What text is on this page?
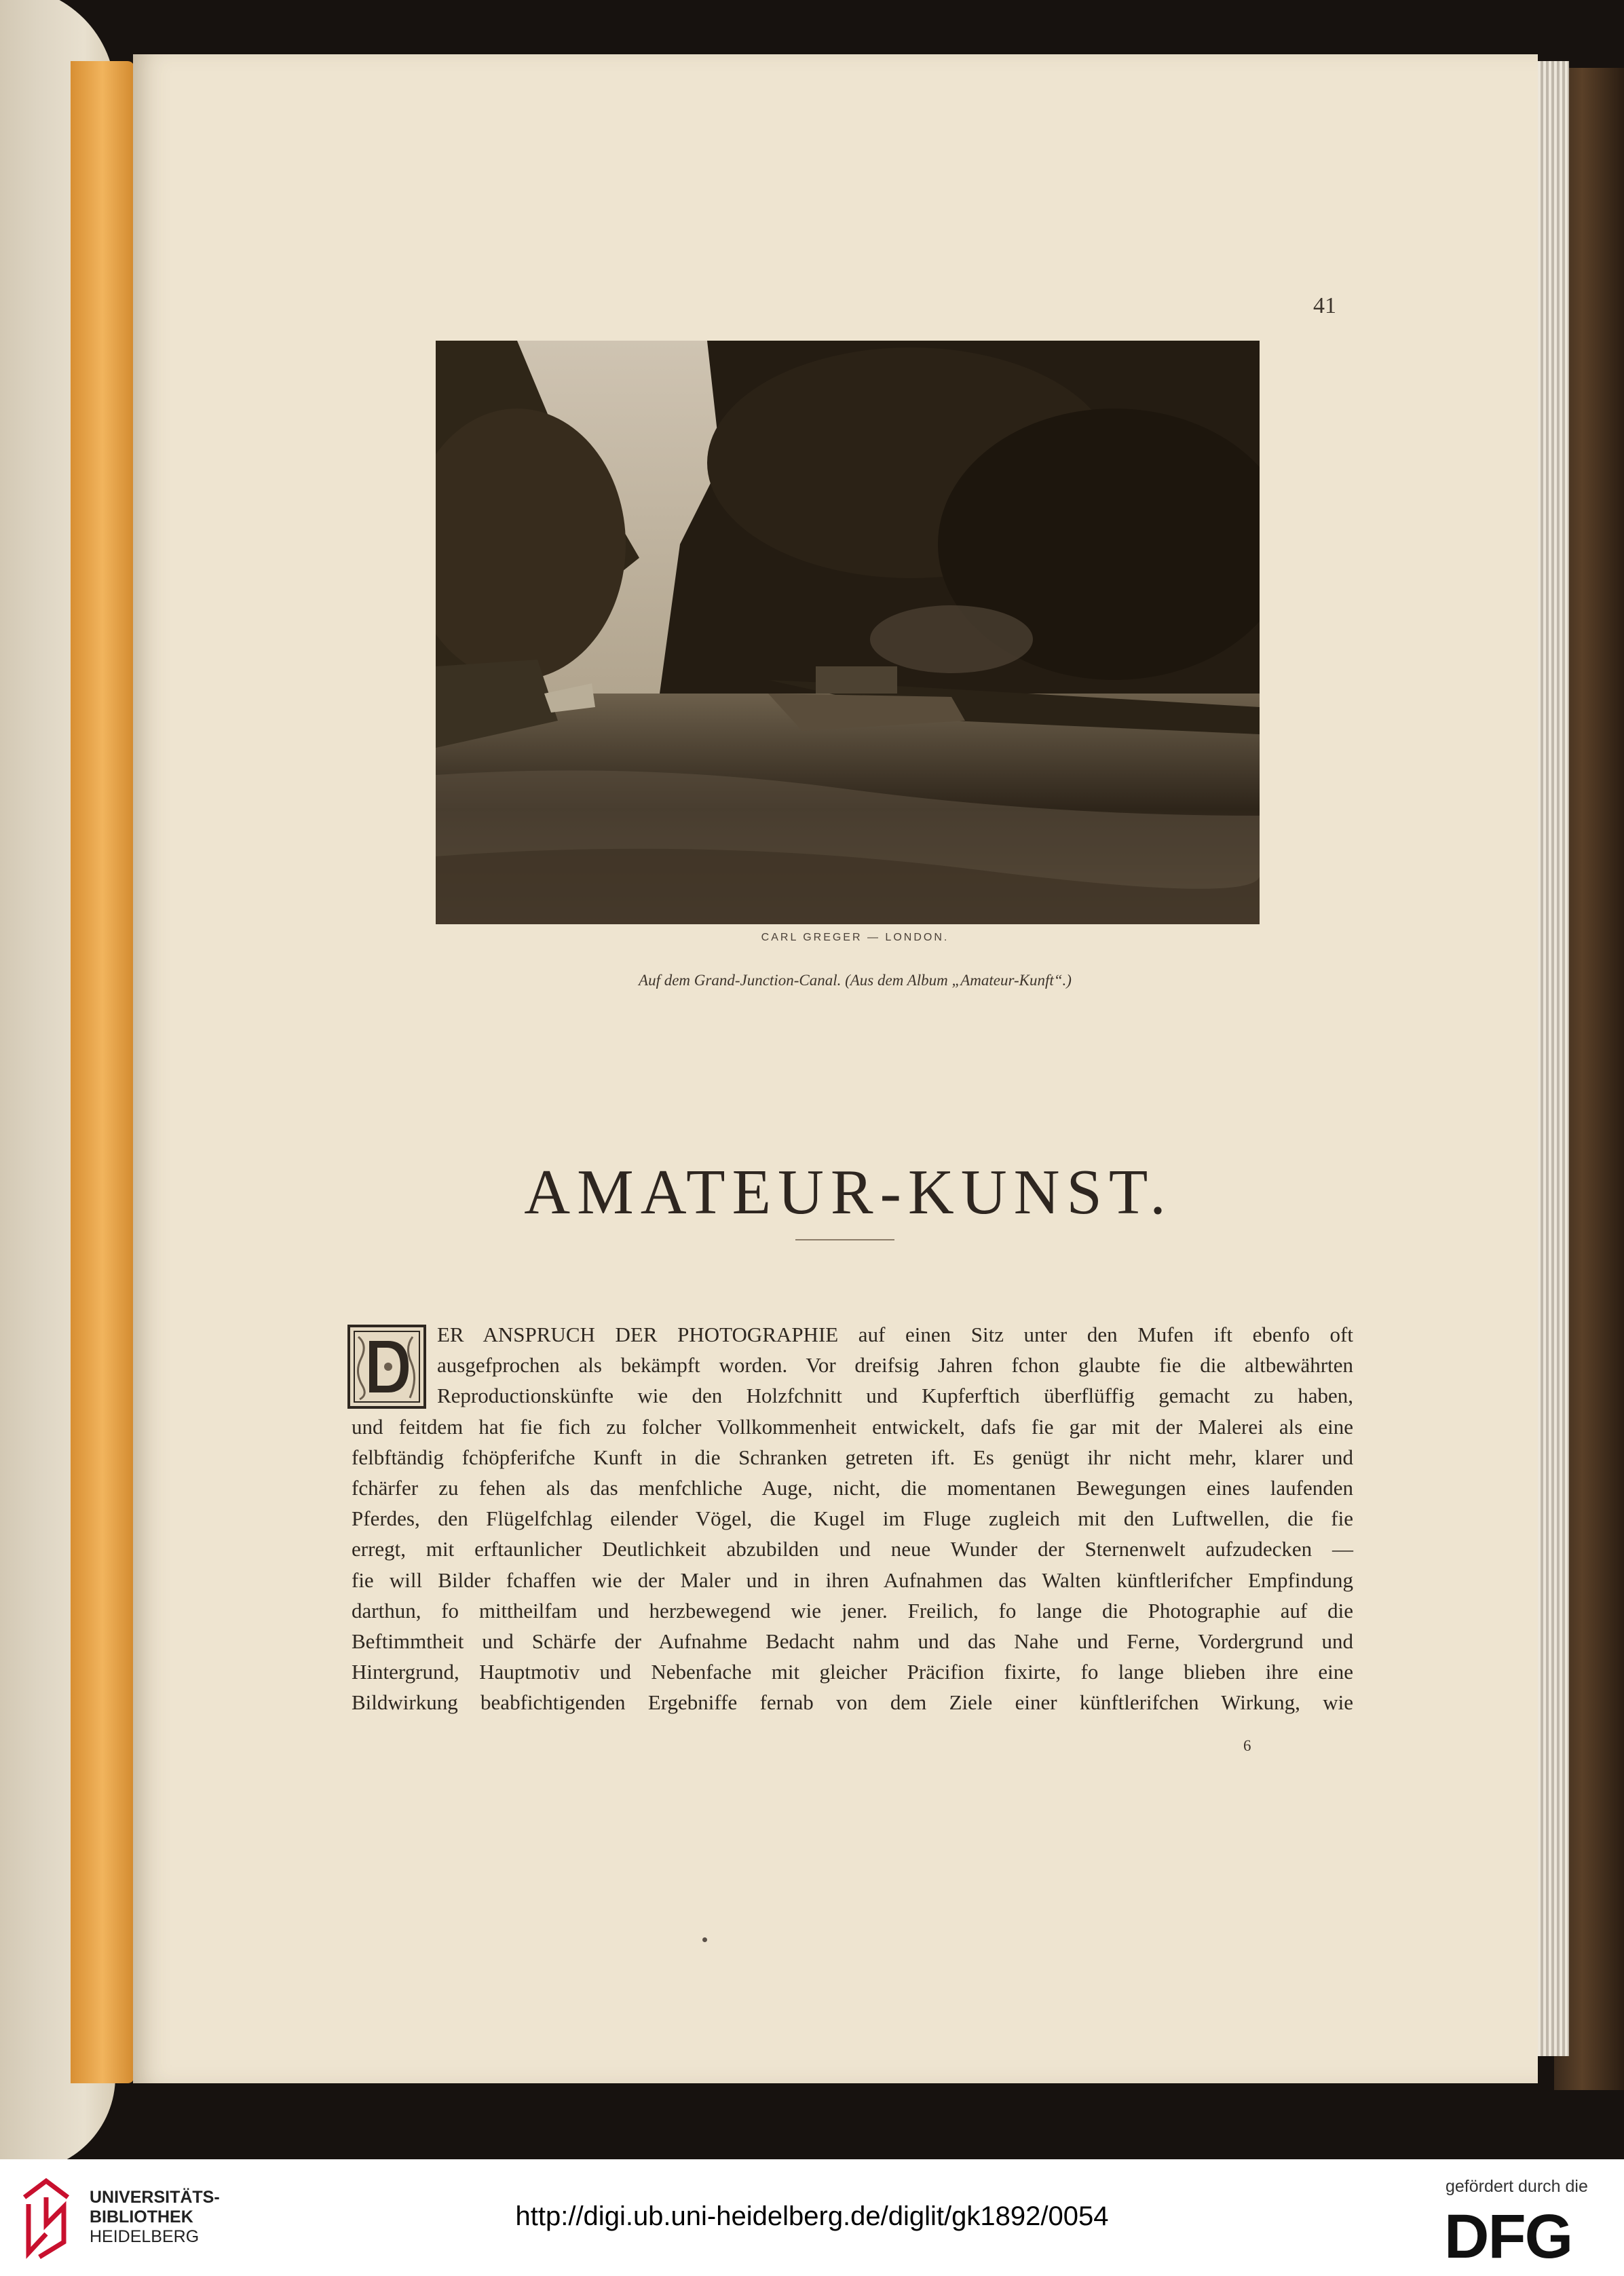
41
CARL GREGER — LONDON.
Auf dem Grand-Junction-Canal. (Aus dem Album „Amateur-Kunft“.)
AMATEUR-KUNST.
ER ANSPRUCH DER PHOTOGRAPHIE auf einen Sitz unter den Mufen ift ebenfo oft
ausgefprochen als bekämpft worden. Vor dreifsig Jahren fchon glaubte fie die altbewährten
Reproductionskünfte wie den Holzfchnitt und Kupferftich überflüffig gemacht zu haben,
und feitdem hat fie fich zu folcher Vollkommenheit entwickelt, dafs fie gar mit der Malerei als eine
felbftändig fchöpferifche Kunft in die Schranken getreten ift. Es genügt ihr nicht mehr, klarer und
fchärfer zu fehen als das menfchliche Auge, nicht, die momentanen Bewegungen eines laufenden
Pferdes, den Flügelfchlag eilender Vögel, die Kugel im Fluge zugleich mit den Luftwellen, die fie
erregt, mit erftaunlicher Deutlichkeit abzubilden und neue Wunder der Sternenwelt aufzudecken —
fie will Bilder fchaffen wie der Maler und in ihren Aufnahmen das Walten künftlerifcher Empfindung
darthun, fo mittheilfam und herzbewegend wie jener. Freilich, fo lange die Photographie auf die
Beftimmtheit und Schärfe der Aufnahme Bedacht nahm und das Nahe und Ferne, Vordergrund und
Hintergrund, Hauptmotiv und Nebenfache mit gleicher Präcifion fixirte, fo lange blieben ihre eine
Bildwirkung beabfichtigenden Ergebniffe fernab von dem Ziele einer künftlerifchen Wirkung, wie
6
UNIVERSITÄTS-
BIBLIOTHEK
HEIDELBERG
http://digi.ub.uni-heidelberg.de/diglit/gk1892/0054
gefördert durch die
DFG
